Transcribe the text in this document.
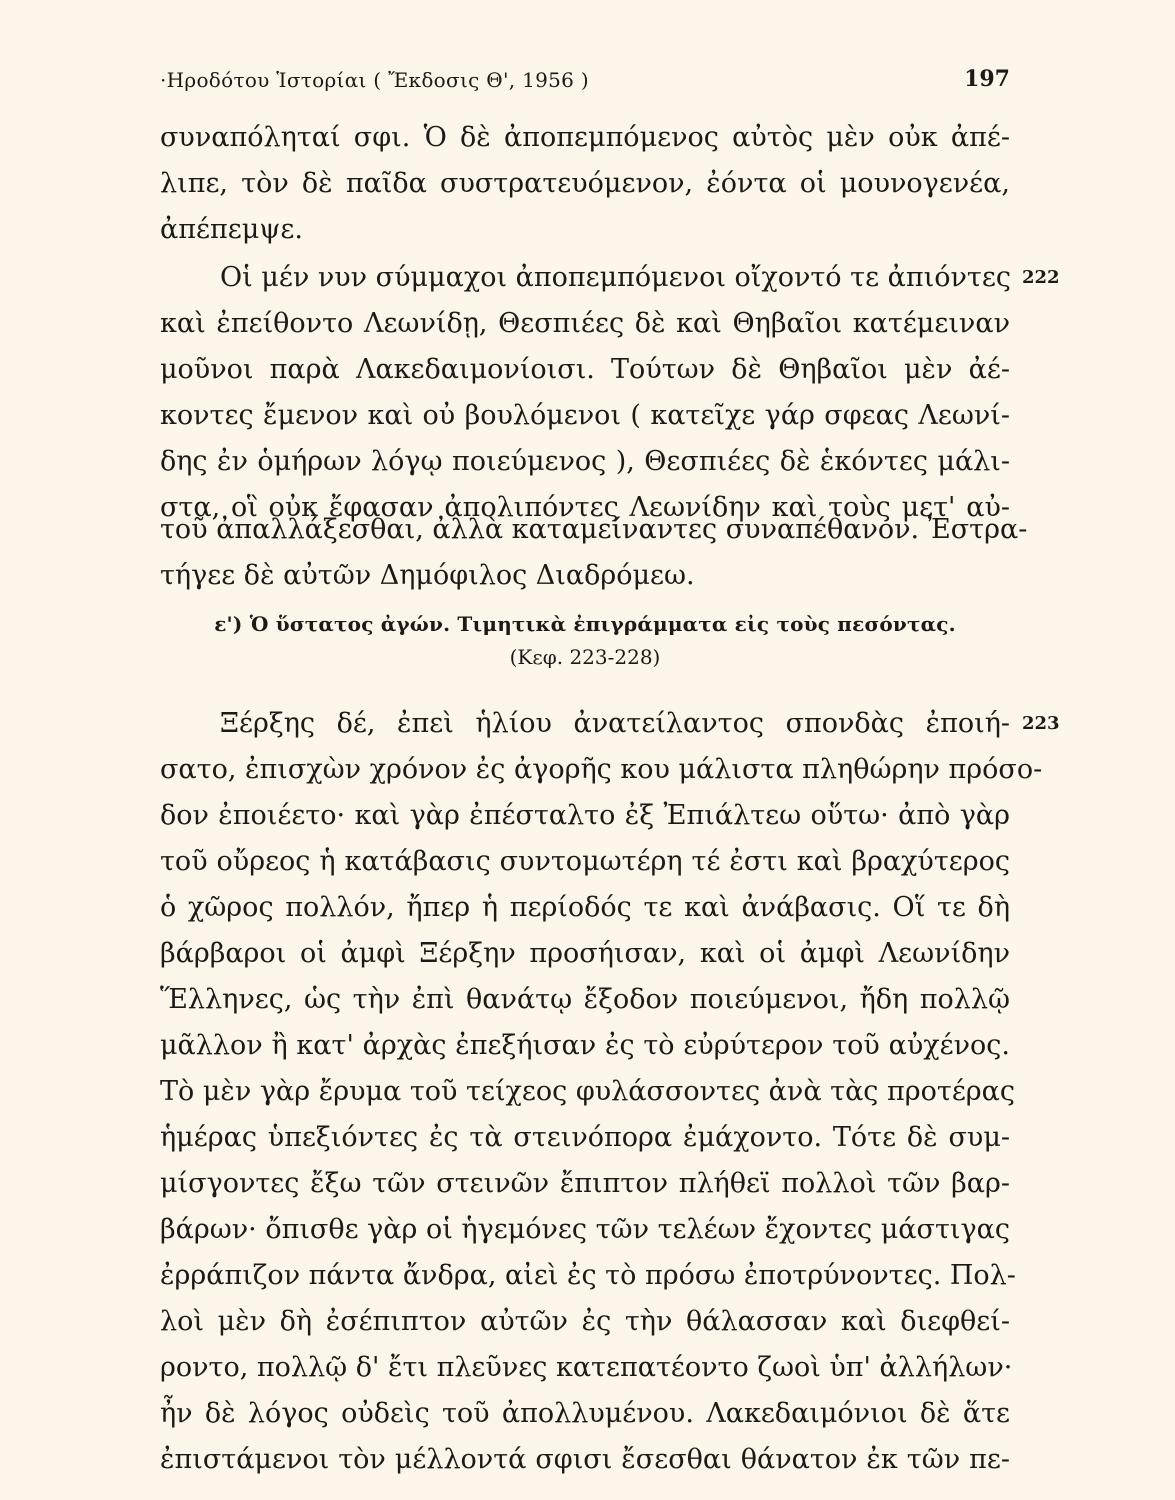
·Ηροδότου Ἱστορίαι ( Ἔκδοσις Θ', 1956 )	197
συναπόληταί σφι. Ὁ δὲ ἀποπεμπόμενος αὐτὸς μὲν οὐκ ἀπέ-
λιπε, τὸν δὲ παῖδα συστρατευόμενον, ἐόντα οἱ μουνογενέα,
ἀπέπεμψε.
222
Οἱ μέν νυν σύμμαχοι ἀποπεμπόμενοι οἴχοντό τε ἀπιόντες
καὶ ἐπείθοντο Λεωνίδῃ, Θεσπιέες δὲ καὶ Θηβαῖοι κατέμειναν
μοῦνοι παρὰ Λακεδαιμονίοισι. Τούτων δὲ Θηβαῖοι μὲν ἀέ-
κοντες ἔμενον καὶ οὐ βουλόμενοι ( κατεῖχε γάρ σφεας Λεωνί-
δης ἐν ὁμήρων λόγῳ ποιεύμενος ), Θεσπιέες δὲ ἑκόντες μάλι-
στα, οἳ οὐκ ἔφασαν ἀπολιπόντες Λεωνίδην καὶ τοὺς μετ' αὐ-
τοῦ ἀπαλλάξεσθαι, ἀλλὰ καταμείναντες συναπέθανον. Ἐστρα-
τήγεε δὲ αὐτῶν Δημόφιλος Διαδρόμεω.
ε') Ὁ ὕστατος ἀγών. Τιμητικὰ ἐπιγράμματα εἰς τοὺς πεσόντας.
(Κεφ. 223-228)
223
Ξέρξης δέ, ἐπεὶ ἡλίου ἀνατείλαντος σπονδὰς ἐποιή-
σατο, ἐπισχὼν χρόνον ἐς ἀγορῆς κου μάλιστα πληθώρην πρόσο-
δον ἐποιέετο· καὶ γὰρ ἐπέσταλτο ἐξ Ἐπιάλτεω οὕτω· ἀπὸ γὰρ
τοῦ οὔρεος ἡ κατάβασις συντομωτέρη τέ ἐστι καὶ βραχύτερος
ὁ χῶρος πολλόν, ἤπερ ἡ περίοδός τε καὶ ἀνάβασις. Οἵ τε δὴ
βάρβαροι οἱ ἀμφὶ Ξέρξην προσήισαν, καὶ οἱ ἀμφὶ Λεωνίδην
Ἕλληνες, ὡς τὴν ἐπὶ θανάτῳ ἔξοδον ποιεύμενοι, ἤδη πολλῷ
μᾶλλον ἢ κατ' ἀρχὰς ἐπεξήισαν ἐς τὸ εὐρύτερον τοῦ αὐχένος.
Τὸ μὲν γὰρ ἔρυμα τοῦ τείχεος φυλάσσοντες ἀνὰ τὰς προτέρας
ἡμέρας ὑπεξιόντες ἐς τὰ στεινόπορα ἐμάχοντο. Τότε δὲ συμ-
μίσγοντες ἔξω τῶν στεινῶν ἔπιπτον πλήθεϊ πολλοὶ τῶν βαρ-
βάρων· ὄπισθε γὰρ οἱ ἡγεμόνες τῶν τελέων ἔχοντες μάστιγας
ἐρράπιζον πάντα ἄνδρα, αἰεὶ ἐς τὸ πρόσω ἐποτρύνοντες. Πολ-
λοὶ μὲν δὴ ἐσέπιπτον αὐτῶν ἐς τὴν θάλασσαν καὶ διεφθεί-
ροντο, πολλῷ δ' ἔτι πλεῦνες κατεπατέοντο ζωοὶ ὑπ' ἀλλήλων·
ἦν δὲ λόγος οὐδεὶς τοῦ ἀπολλυμένου. Λακεδαιμόνιοι δὲ ἅτε
ἐπιστάμενοι τὸν μέλλοντά σφισι ἔσεσθαι θάνατον ἐκ τῶν πε-
